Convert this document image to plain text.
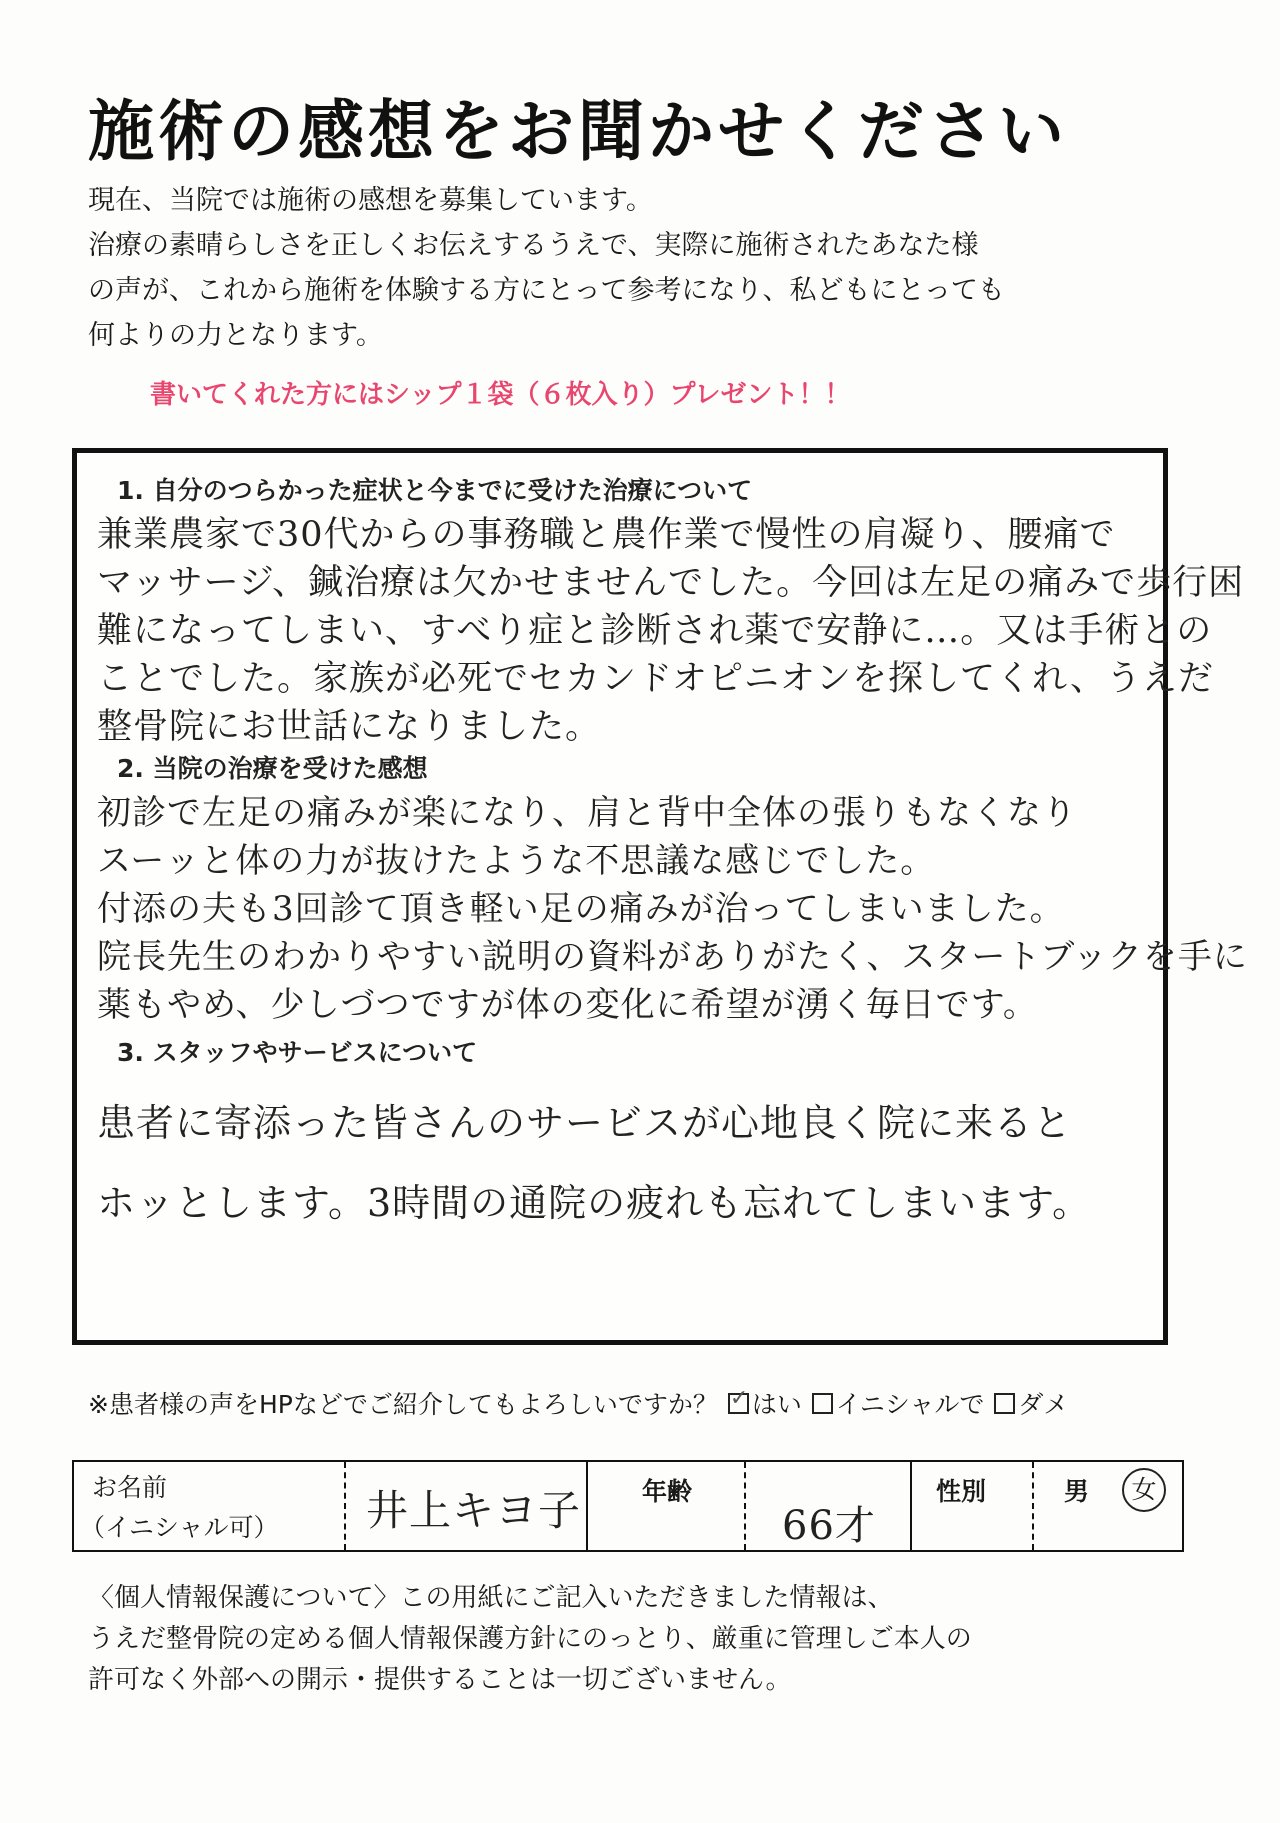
施術の感想をお聞かせください

現在、当院では施術の感想を募集しています。

治療の素晴らしさを正しくお伝えするうえで、実際に施術されたあなた様

の声が、これから施術を体験する方にとって参考になり、私どもにとっても

何よりの力となります。

書いてくれた方にはシップ１袋（６枚入り）プレゼント！！
1. 自分のつらかった症状と今までに受けた治療について
兼業農家で30代からの事務職と農作業で慢性の肩凝り、腰痛で
マッサージ、鍼治療は欠かせませんでした。今回は左足の痛みで歩行困
難になってしまい、すべり症と診断され薬で安静に…。又は手術との
ことでした。家族が必死でセカンドオピニオンを探してくれ、うえだ
整骨院にお世話になりました。
2. 当院の治療を受けた感想
初診で左足の痛みが楽になり、肩と背中全体の張りもなくなり
スーッと体の力が抜けたような不思議な感じでした。
付添の夫も3回診て頂き軽い足の痛みが治ってしまいました。
院長先生のわかりやすい説明の資料がありがたく、スタートブックを手に
薬もやめ、少しづつですが体の変化に希望が湧く毎日です。
3. スタッフやサービスについて
患者に寄添った皆さんのサービスが心地良く院に来ると
ホッとします。3時間の通院の疲れも忘れてしまいます。
※患者様の声をHPなどでご紹介してもよろしいですか？✓ はい イニシャルで ダメ
お名前
（イニシャル可） 井上キヨ子 年齢
66才
性別	男	女

〈個人情報保護について〉この用紙にご記入いただきました情報は、

うえだ整骨院の定める個人情報保護方針にのっとり、厳重に管理しご本人の

許可なく外部への開示・提供することは一切ございません。
